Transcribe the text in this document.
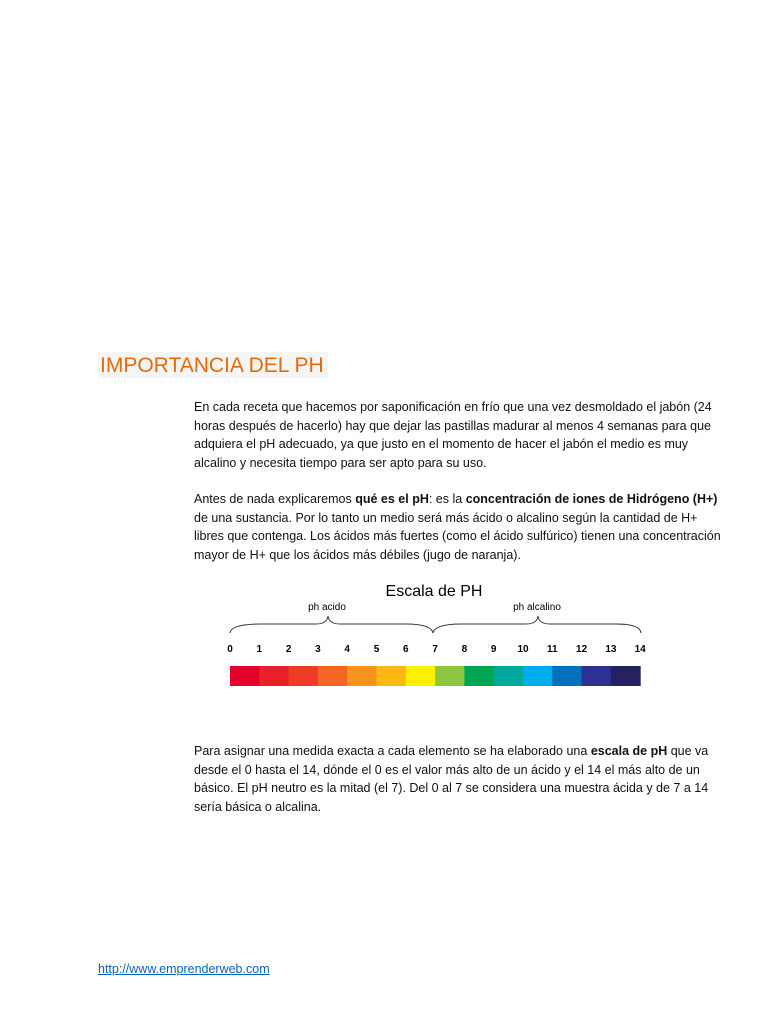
IMPORTANCIA DEL PH

En cada receta que hacemos por saponificación en frío que una vez desmoldado el jabón (24 horas después de hacerlo) hay que dejar las pastillas madurar al menos 4 semanas para que adquiera el pH adecuado, ya que justo en el momento de hacer el jabón el medio es muy alcalino y necesita tiempo para ser apto para su uso.

Antes de nada explicaremos qué es el pH: es la concentración de iones de Hidrógeno (H+) de una sustancia. Por lo tanto un medio será más ácido o alcalino según la cantidad de H+ libres que contenga. Los ácidos más fuertes (como el ácido sulfúrico) tienen una concentración mayor de H+ que los ácidos más débiles (jugo de naranja).

Escala de PH
ph acido	ph alcalino
0 1 2 3 4 5 6 7 8 9 10 11 12 13 14

Para asignar una medida exacta a cada elemento se ha elaborado una escala de pH que va desde el 0 hasta el 14, dónde el 0 es el valor más alto de un ácido y el 14 el más alto de un básico. El pH neutro es la mitad (el 7). Del 0 al 7 se considera una muestra ácida y de 7 a 14 sería básica o alcalina.

http://www.emprenderweb.com
